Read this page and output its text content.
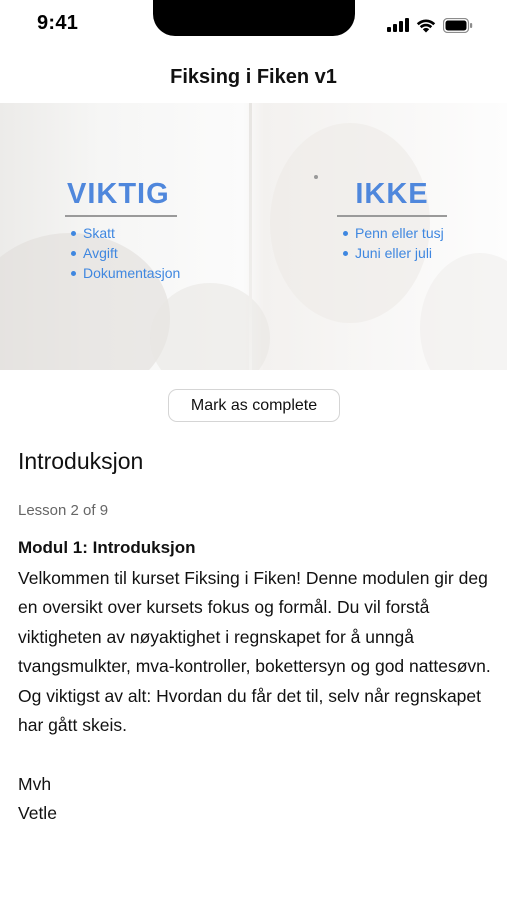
9:41
Fiksing i Fiken v1
VIKTIG
Skatt
Avgift
Dokumentasjon
IKKE
Penn eller tusj
Juni eller juli
Mark as complete
Introduksjon
Lesson 2 of 9
Modul 1: Introduksjon

Velkommen til kurset Fiksing i Fiken! Denne modulen gir deg en oversikt over kursets fokus og formål. Du vil forstå viktigheten av nøyaktighet i regnskapet for å unngå tvangsmulkter, mva-kontroller, bokettersyn og god nattesøvn. Og viktigst av alt: Hvordan du får det til, selv når regnskapet har gått skeis.

Mvh
Vetle
